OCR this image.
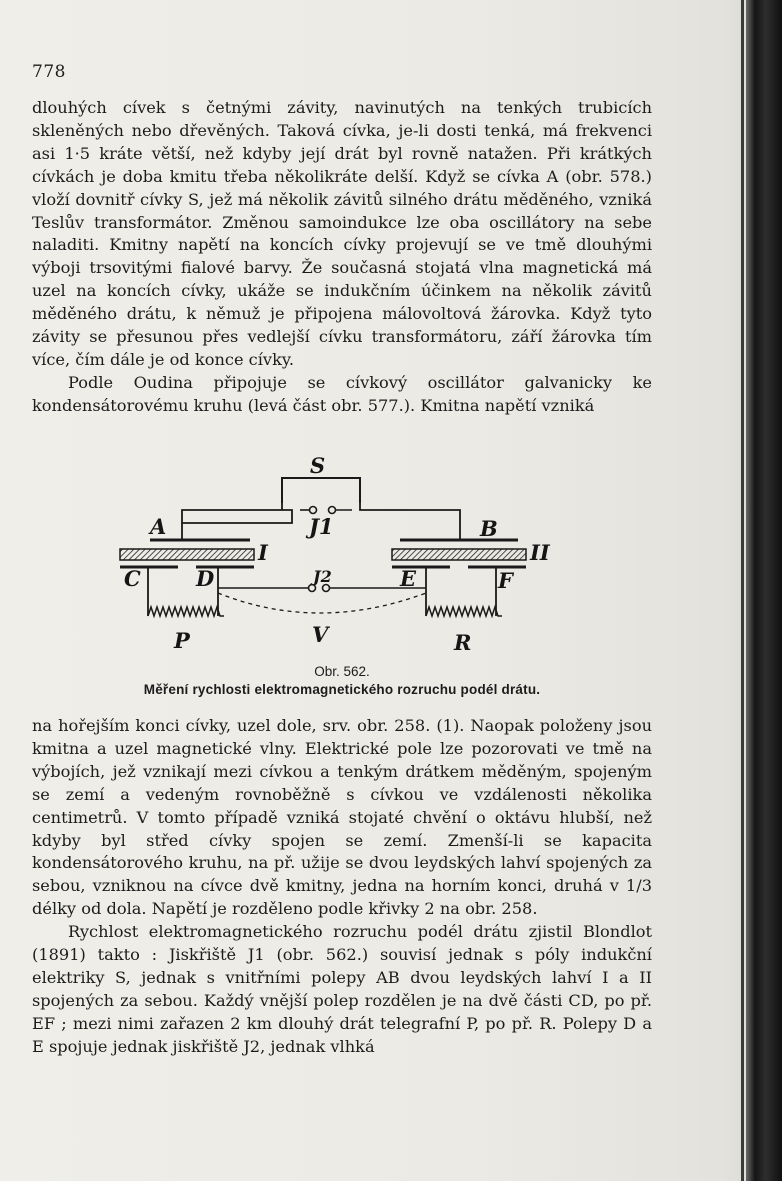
778

dlouhých cívek s četnými závity, navinutých na tenkých trubicích skleněných nebo dřevěných. Taková cívka, je-li dosti tenká, má frekvenci asi 1·5 kráte větší, než kdyby její drát byl rovně natažen. Při krátkých cívkách je doba kmitu třeba několikráte delší. Když se cívka A (obr. 578.) vloží dovnitř cívky S, jež má několik závitů silného drátu měděného, vzniká Teslův transformátor. Změnou samoindukce lze oba oscillátory na sebe naladiti. Kmitny napětí na koncích cívky projevují se ve tmě dlouhými výboji trsovitými fialové barvy. Že současná stojatá vlna magnetická má uzel na koncích cívky, ukáže se indukčním účinkem na několik závitů měděného drátu, k němuž je připojena málovoltová žárovka. Když tyto závity se přesunou přes vedlejší cívku transformátoru, září žárovka tím více, čím dále je od konce cívky.

Podle Oudina připojuje se cívkový oscillátor galvanicky ke kondensátorovému kruhu (levá část obr. 577.). Kmitna napětí vzniká

S
J1
A	B
I	II
C	D	E	F
P	R
J2
V
Obr. 562.
Měření rychlosti elektromagnetického rozruchu podél drátu.

na hořejším konci cívky, uzel dole, srv. obr. 258. (1). Naopak položeny jsou kmitna a uzel magnetické vlny. Elektrické pole lze pozorovati ve tmě na výbojích, jež vznikají mezi cívkou a tenkým drátkem měděným, spojeným se zemí a vedeným rovnoběžně s cívkou ve vzdálenosti několika centimetrů. V tomto případě vzniká stojaté chvění o oktávu hlubší, než kdyby byl střed cívky spojen se zemí. Zmenší-li se kapacita kondensátorového kruhu, na př. užije se dvou leydských lahví spojených za sebou, vzniknou na cívce dvě kmitny, jedna na horním konci, druhá v 1/3 délky od dola. Napětí je rozděleno podle křivky 2 na obr. 258.

Rychlost elektromagnetického rozruchu podél drátu zjistil Blondlot (1891) takto : Jiskřiště J1 (obr. 562.) souvisí jednak s póly indukční elektriky S, jednak s vnitřními polepy AB dvou leydských lahví I a II spojených za sebou. Každý vnější polep rozdělen je na dvě části CD, po př. EF ; mezi nimi zařazen 2 km dlouhý drát telegrafní P, po př. R. Polepy D a E spojuje jednak jiskřiště J2, jednak vlhká
